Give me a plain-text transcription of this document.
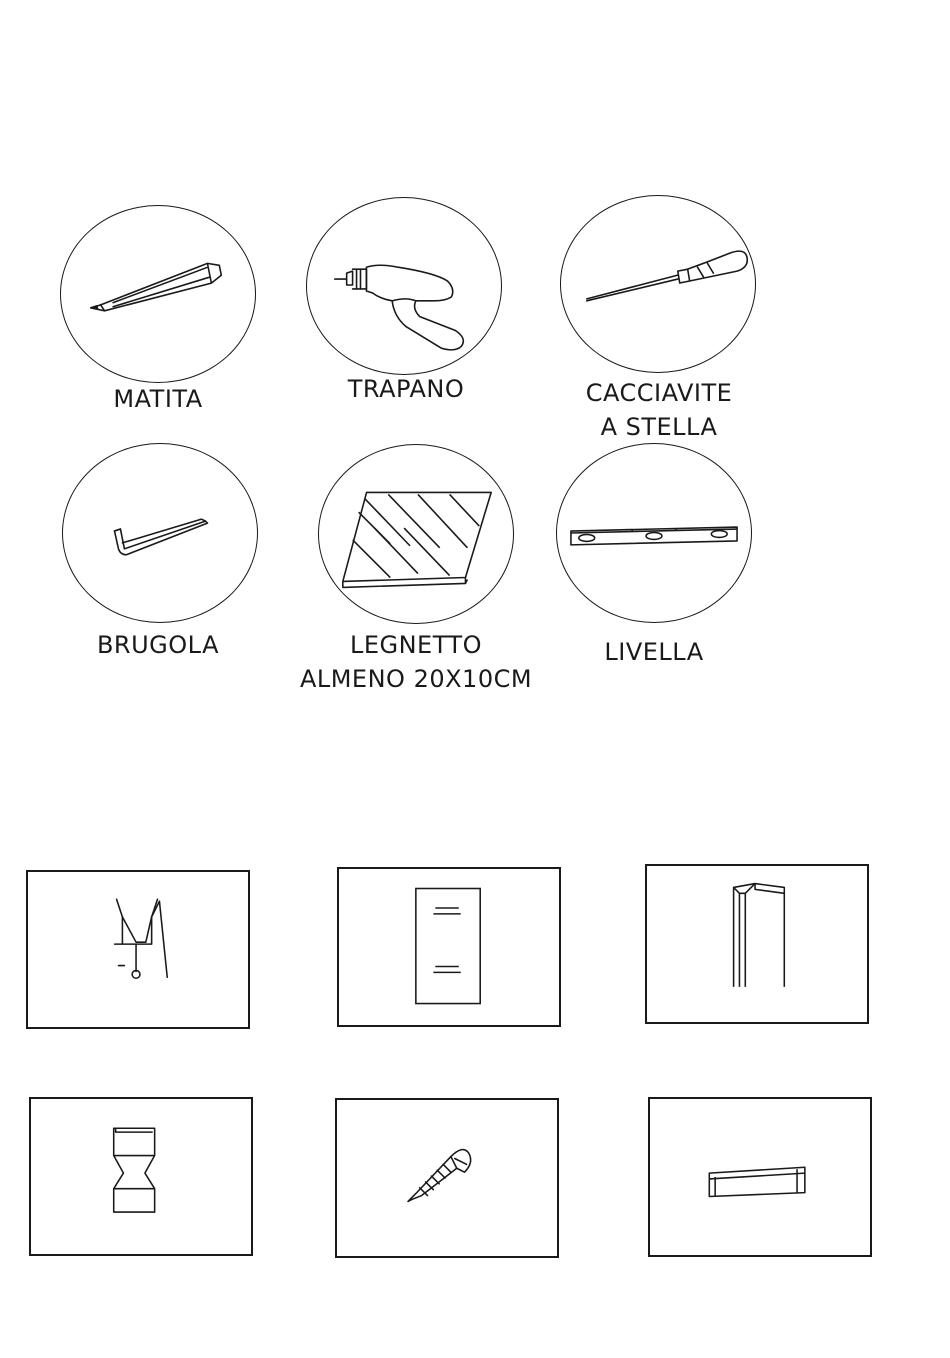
MATITA	TRAPANO	CACCIAVITE
A STELLA
BRUGOLA	LEGNETTO
ALMENO 20X10CM
LIVELLA
